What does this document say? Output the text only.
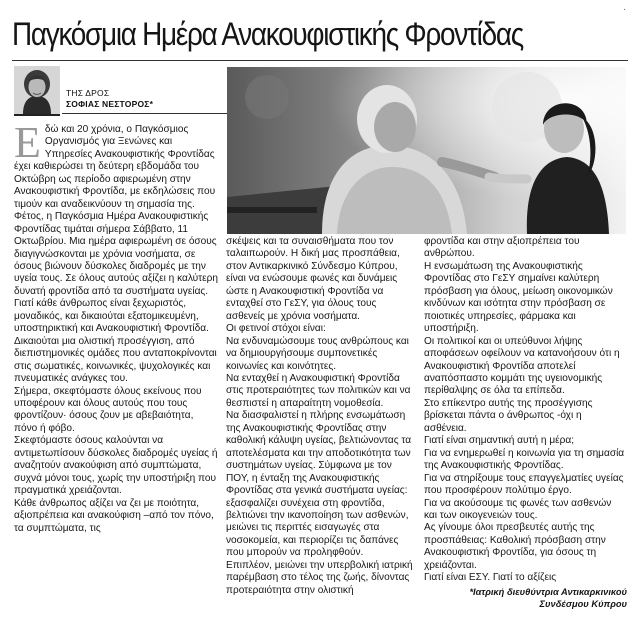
·
Παγκόσμια Ημέρα Ανακουφιστικής Φροντίδας
ΤΗΣ ΔΡΟΣ
ΣΟΦΙΑΣ ΝΕΣΤΟΡΟΣ*

Εδώ και 20 χρόνια, ο Παγκόσμιος Οργανισμός για Ξενώνες και Υπηρεσίες Ανακουφιστικής Φροντίδας έχει καθιερώσει τη δεύτερη εβδομάδα του Οκτώβρη ως περίοδο αφιερωμένη στην Ανακουφιστική Φροντίδα, με εκδηλώσεις που τιμούν και αναδεικνύουν τη σημασία της.

Φέτος, η Παγκόσμια Ημέρα Ανακουφιστικής Φροντίδας τιμάται σήμερα Σάββατο, 11 Οκτωβρίου. Μια ημέρα αφιερωμένη σε όσους διαγιγνώσκονται με χρόνια νοσήματα, σε όσους βιώνουν δύσκολες διαδρομές με την υγεία τους. Σε όλους αυτούς αξίζει η καλύτερη δυνατή φροντίδα από τα συστήματα υγείας. Γιατί κάθε άνθρωπος είναι ξεχωριστός, μοναδικός, και δικαιούται εξατομικευμένη, υποστηρικτική και Ανακουφιστική Φροντίδα. Δικαιούται μια ολιστική προσέγγιση, από διεπιστημονικές ομάδες που ανταποκρίνονται στις σωματικές, κοινωνικές, ψυχολογικές και πνευματικές ανάγκες του.

Σήμερα, σκεφτόμαστε όλους εκείνους που υποφέρουν και όλους αυτούς που τους φροντίζουν· όσους ζουν με αβεβαιότητα, πόνο ή φόβο.

Σκεφτόμαστε όσους καλούνται να αντιμετωπίσουν δύσκολες διαδρομές υγείας ή αναζητούν ανακούφιση από συμπτώματα, συχνά μόνοι τους, χωρίς την υποστήριξη που πραγματικά χρειάζονται.

Κάθε άνθρωπος αξίζει να ζει με ποιότητα, αξιοπρέπεια και ανακούφιση –από τον πόνο, τα συμπτώματα, τις

σκέψεις και τα συναισθήματα που τον ταλαιπωρούν. Η δική μας προσπάθεια, στον Αντικαρκινικό Σύνδεσμο Κύπρου, είναι να ενώσουμε φωνές και δυνάμεις ώστε η Ανακουφιστική Φροντίδα να ενταχθεί στο ΓεΣΥ, για όλους τους ασθενείς με χρόνια νοσήματα.

Οι φετινοί στόχοι είναι:

Να ενδυναμώσουμε τους ανθρώπους και να δημιουργήσουμε συμπονετικές κοινωνίες και κοινότητες.

Να ενταχθεί η Ανακουφιστική Φροντίδα στις προτεραιότητες των πολιτικών και να θεσπιστεί η απαραίτητη νομοθεσία.

Να διασφαλιστεί η πλήρης ενσωμάτωση της Ανακουφιστικής Φροντίδας στην καθολική κάλυψη υγείας, βελτιώνοντας τα αποτελέσματα και την αποδοτικότητα των συστημάτων υγείας. Σύμφωνα με τον ΠΟΥ, η ένταξη της Ανακουφιστικής Φροντίδας στα γενικά συστήματα υγείας:

εξασφαλίζει συνέχεια στη φροντίδα, βελτιώνει την ικανοποίηση των ασθενών, μειώνει τις περιττές εισαγωγές στα νοσοκομεία, και περιορίζει τις δαπάνες που μπορούν να προληφθούν.

Επιπλέον, μειώνει την υπερβολική ιατρική παρέμβαση στο τέλος της ζωής, δίνοντας προτεραιότητα στην ολιστική

φροντίδα και στην αξιοπρέπεια του ανθρώπου.

Η ενσωμάτωση της Ανακουφιστικής Φροντίδας στο ΓεΣΥ σημαίνει καλύτερη πρόσβαση για όλους, μείωση οικονομικών κινδύνων και ισότητα στην πρόσβαση σε ποιοτικές υπηρεσίες, φάρμακα και υποστήριξη.

Οι πολιτικοί και οι υπεύθυνοι λήψης αποφάσεων οφείλουν να κατανοήσουν ότι η Ανακουφιστική Φροντίδα αποτελεί αναπόσπαστο κομμάτι της υγειονομικής περίθαλψης σε όλα τα επίπεδα.

Στο επίκεντρο αυτής της προσέγγισης βρίσκεται πάντα ο άνθρωπος -όχι η ασθένεια.

Γιατί είναι σημαντική αυτή η μέρα;

Για να ενημερωθεί η κοινωνία για τη σημασία της Ανακουφιστικής Φροντίδας.

Για να στηρίξουμε τους επαγγελματίες υγείας που προσφέρουν πολύτιμο έργο.

Για να ακούσουμε τις φωνές των ασθενών και των οικογενειών τους.

Ας γίνουμε όλοι πρεσβευτές αυτής της προσπάθειας: Καθολική πρόσβαση στην Ανακουφιστική Φροντίδα, για όσους τη χρειάζονται.

Γιατί είναι ΕΣΥ. Γιατί το αξίζεις

*Ιατρική διευθύντρια Αντικαρκινικού
Συνδέσμου Κύπρου
